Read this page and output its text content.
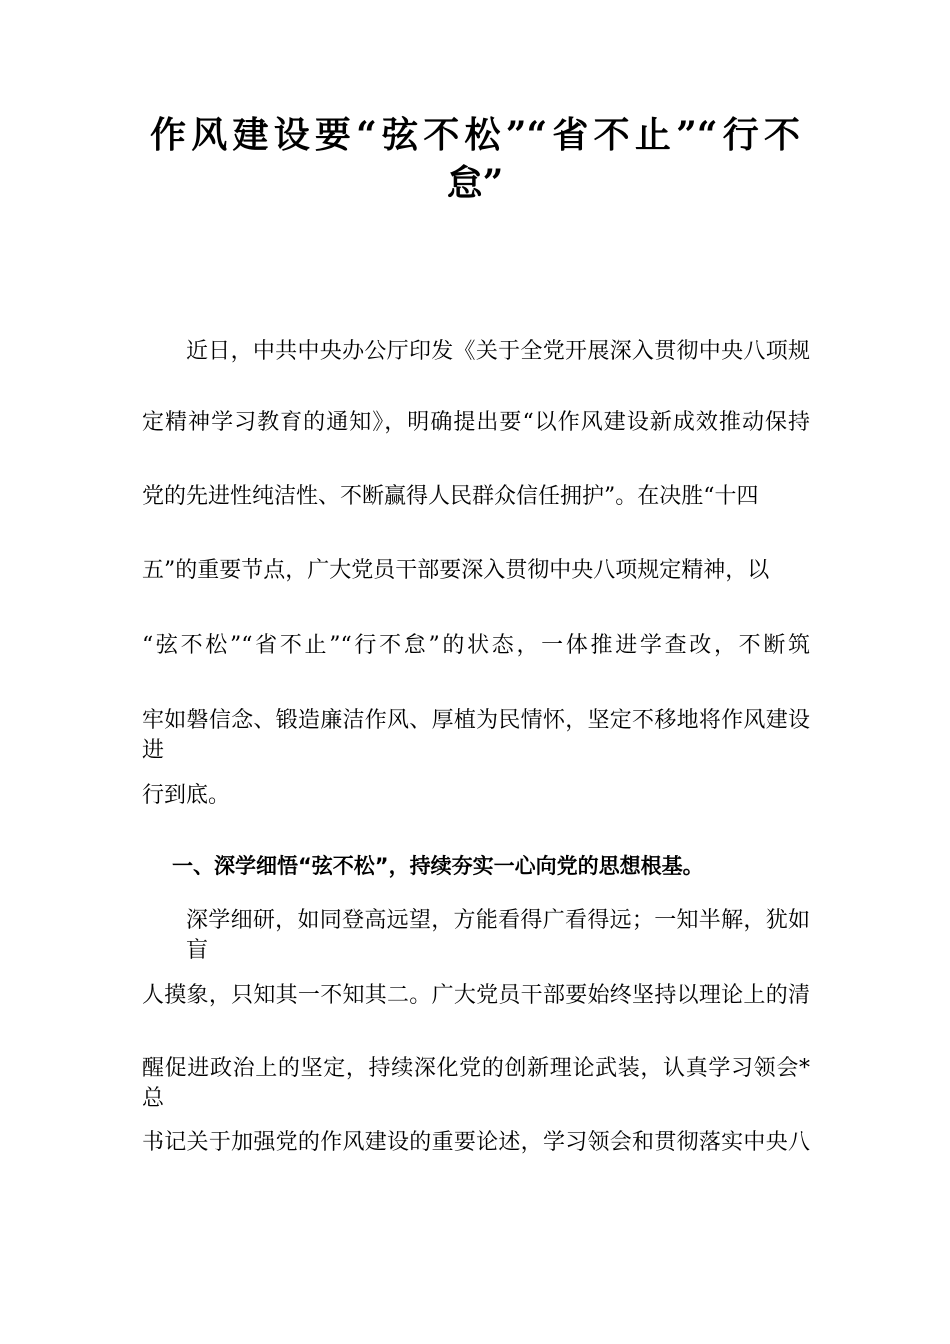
作风建设要“弦不松”“省不止”“行不
怠”
近日，中共中央办公厅印发《关于全党开展深入贯彻中央八项规
定精神学习教育的通知》，明确提出要“以作风建设新成效推动保持
党的先进性纯洁性、不断赢得人民群众信任拥护”。在决胜“十四
五”的重要节点，广大党员干部要深入贯彻中央八项规定精神，以
“弦不松”“省不止”“行不怠”的状态，一体推进学查改，不断筑
牢如磐信念、锻造廉洁作风、厚植为民情怀，坚定不移地将作风建设进
行到底。
一、深学细悟“弦不松”，持续夯实一心向党的思想根基。
深学细研，如同登高远望，方能看得广看得远；一知半解，犹如盲
人摸象，只知其一不知其二。广大党员干部要始终坚持以理论上的清
醒促进政治上的坚定，持续深化党的创新理论武装，认真学习领会*总
书记关于加强党的作风建设的重要论述，学习领会和贯彻落实中央八
